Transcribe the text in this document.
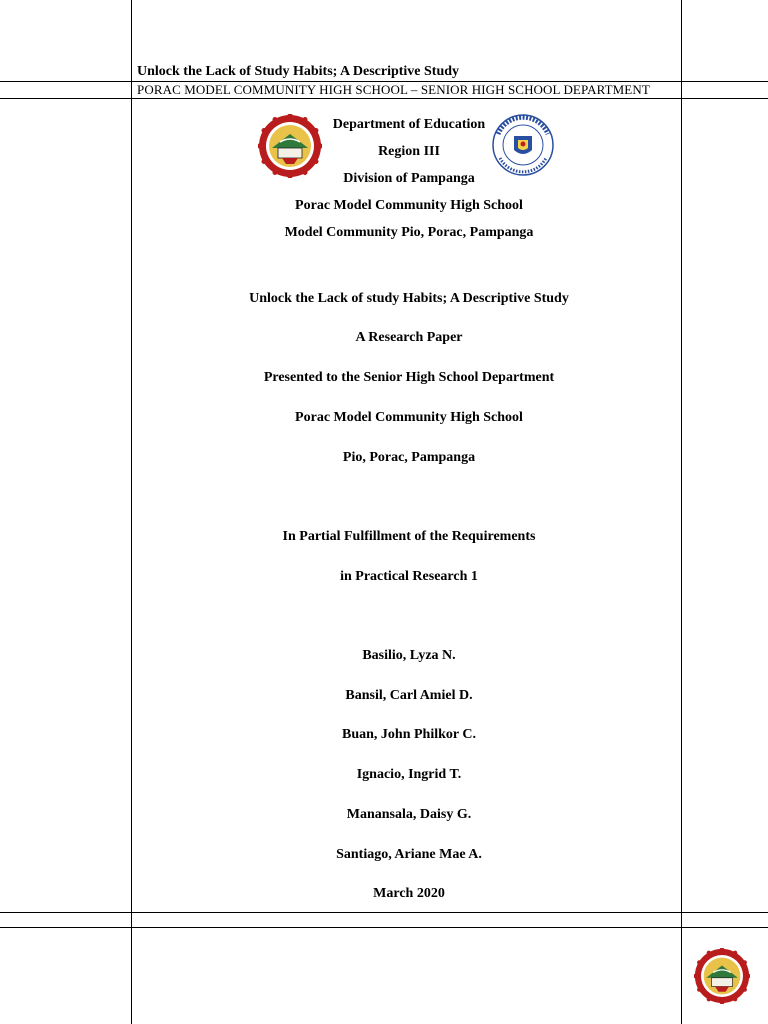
Unlock the Lack of Study Habits; A Descriptive Study
PORAC MODEL COMMUNITY HIGH SCHOOL – SENIOR HIGH SCHOOL DEPARTMENT
Department of Education
Region III
Division of Pampanga
Porac Model Community High School
Model Community Pio, Porac, Pampanga
Unlock the Lack of study Habits; A Descriptive Study
A Research Paper
Presented to the Senior High School Department
Porac Model Community High School
Pio, Porac, Pampanga
In Partial Fulfillment of the Requirements
in Practical Research 1
Basilio, Lyza N.
Bansil, Carl Amiel D.
Buan, John Philkor C.
Ignacio, Ingrid T.
Manansala, Daisy G.
Santiago, Ariane Mae A.
March 2020
